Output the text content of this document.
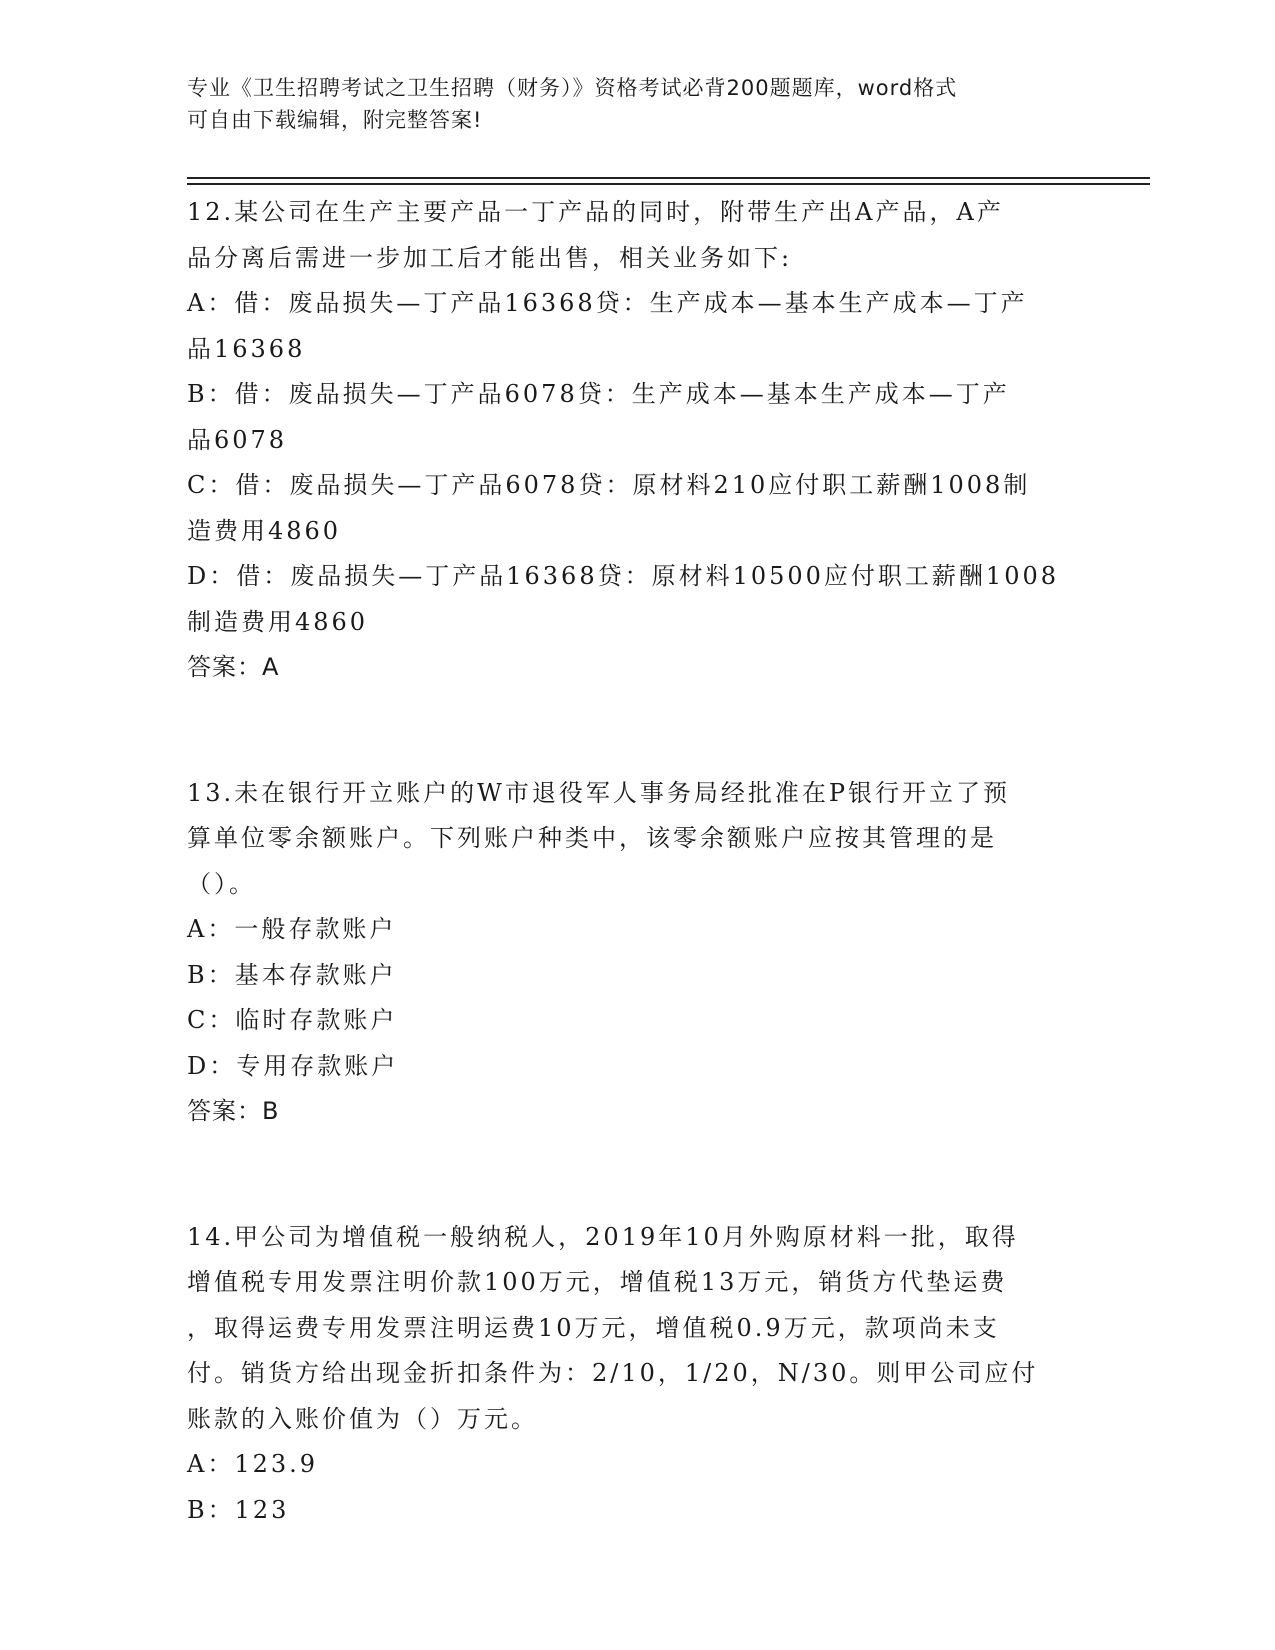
专业《卫生招聘考试之卫生招聘（财务）》资格考试必背200题题库，word格式

可自由下载编辑，附完整答案!

12.某公司在生产主要产品一丁产品的同时，附带生产出A产品，A产

品分离后需进一步加工后才能出售，相关业务如下:

A：借：废品损失—丁产品16368贷：生产成本—基本生产成本—丁产

品16368

B：借：废品损失—丁产品6078贷：生产成本—基本生产成本—丁产

品6078

C：借：废品损失—丁产品6078贷：原材料210应付职工薪酬1008制

造费用4860

D：借：废品损失—丁产品16368贷：原材料10500应付职工薪酬1008

制造费用4860

答案：A

13.未在银行开立账户的W市退役军人事务局经批准在P银行开立了预

算单位零余额账户。下列账户种类中，该零余额账户应按其管理的是

（）。

A：一般存款账户

B：基本存款账户

C：临时存款账户

D：专用存款账户

答案：B

14.甲公司为增值税一般纳税人，2019年10月外购原材料一批，取得

增值税专用发票注明价款100万元，增值税13万元，销货方代垫运费

，取得运费专用发票注明运费10万元，增值税0.9万元，款项尚未支

付。销货方给出现金折扣条件为：2/10，1/20，N/30。则甲公司应付

账款的入账价值为（）万元。

A：123.9

B：123
